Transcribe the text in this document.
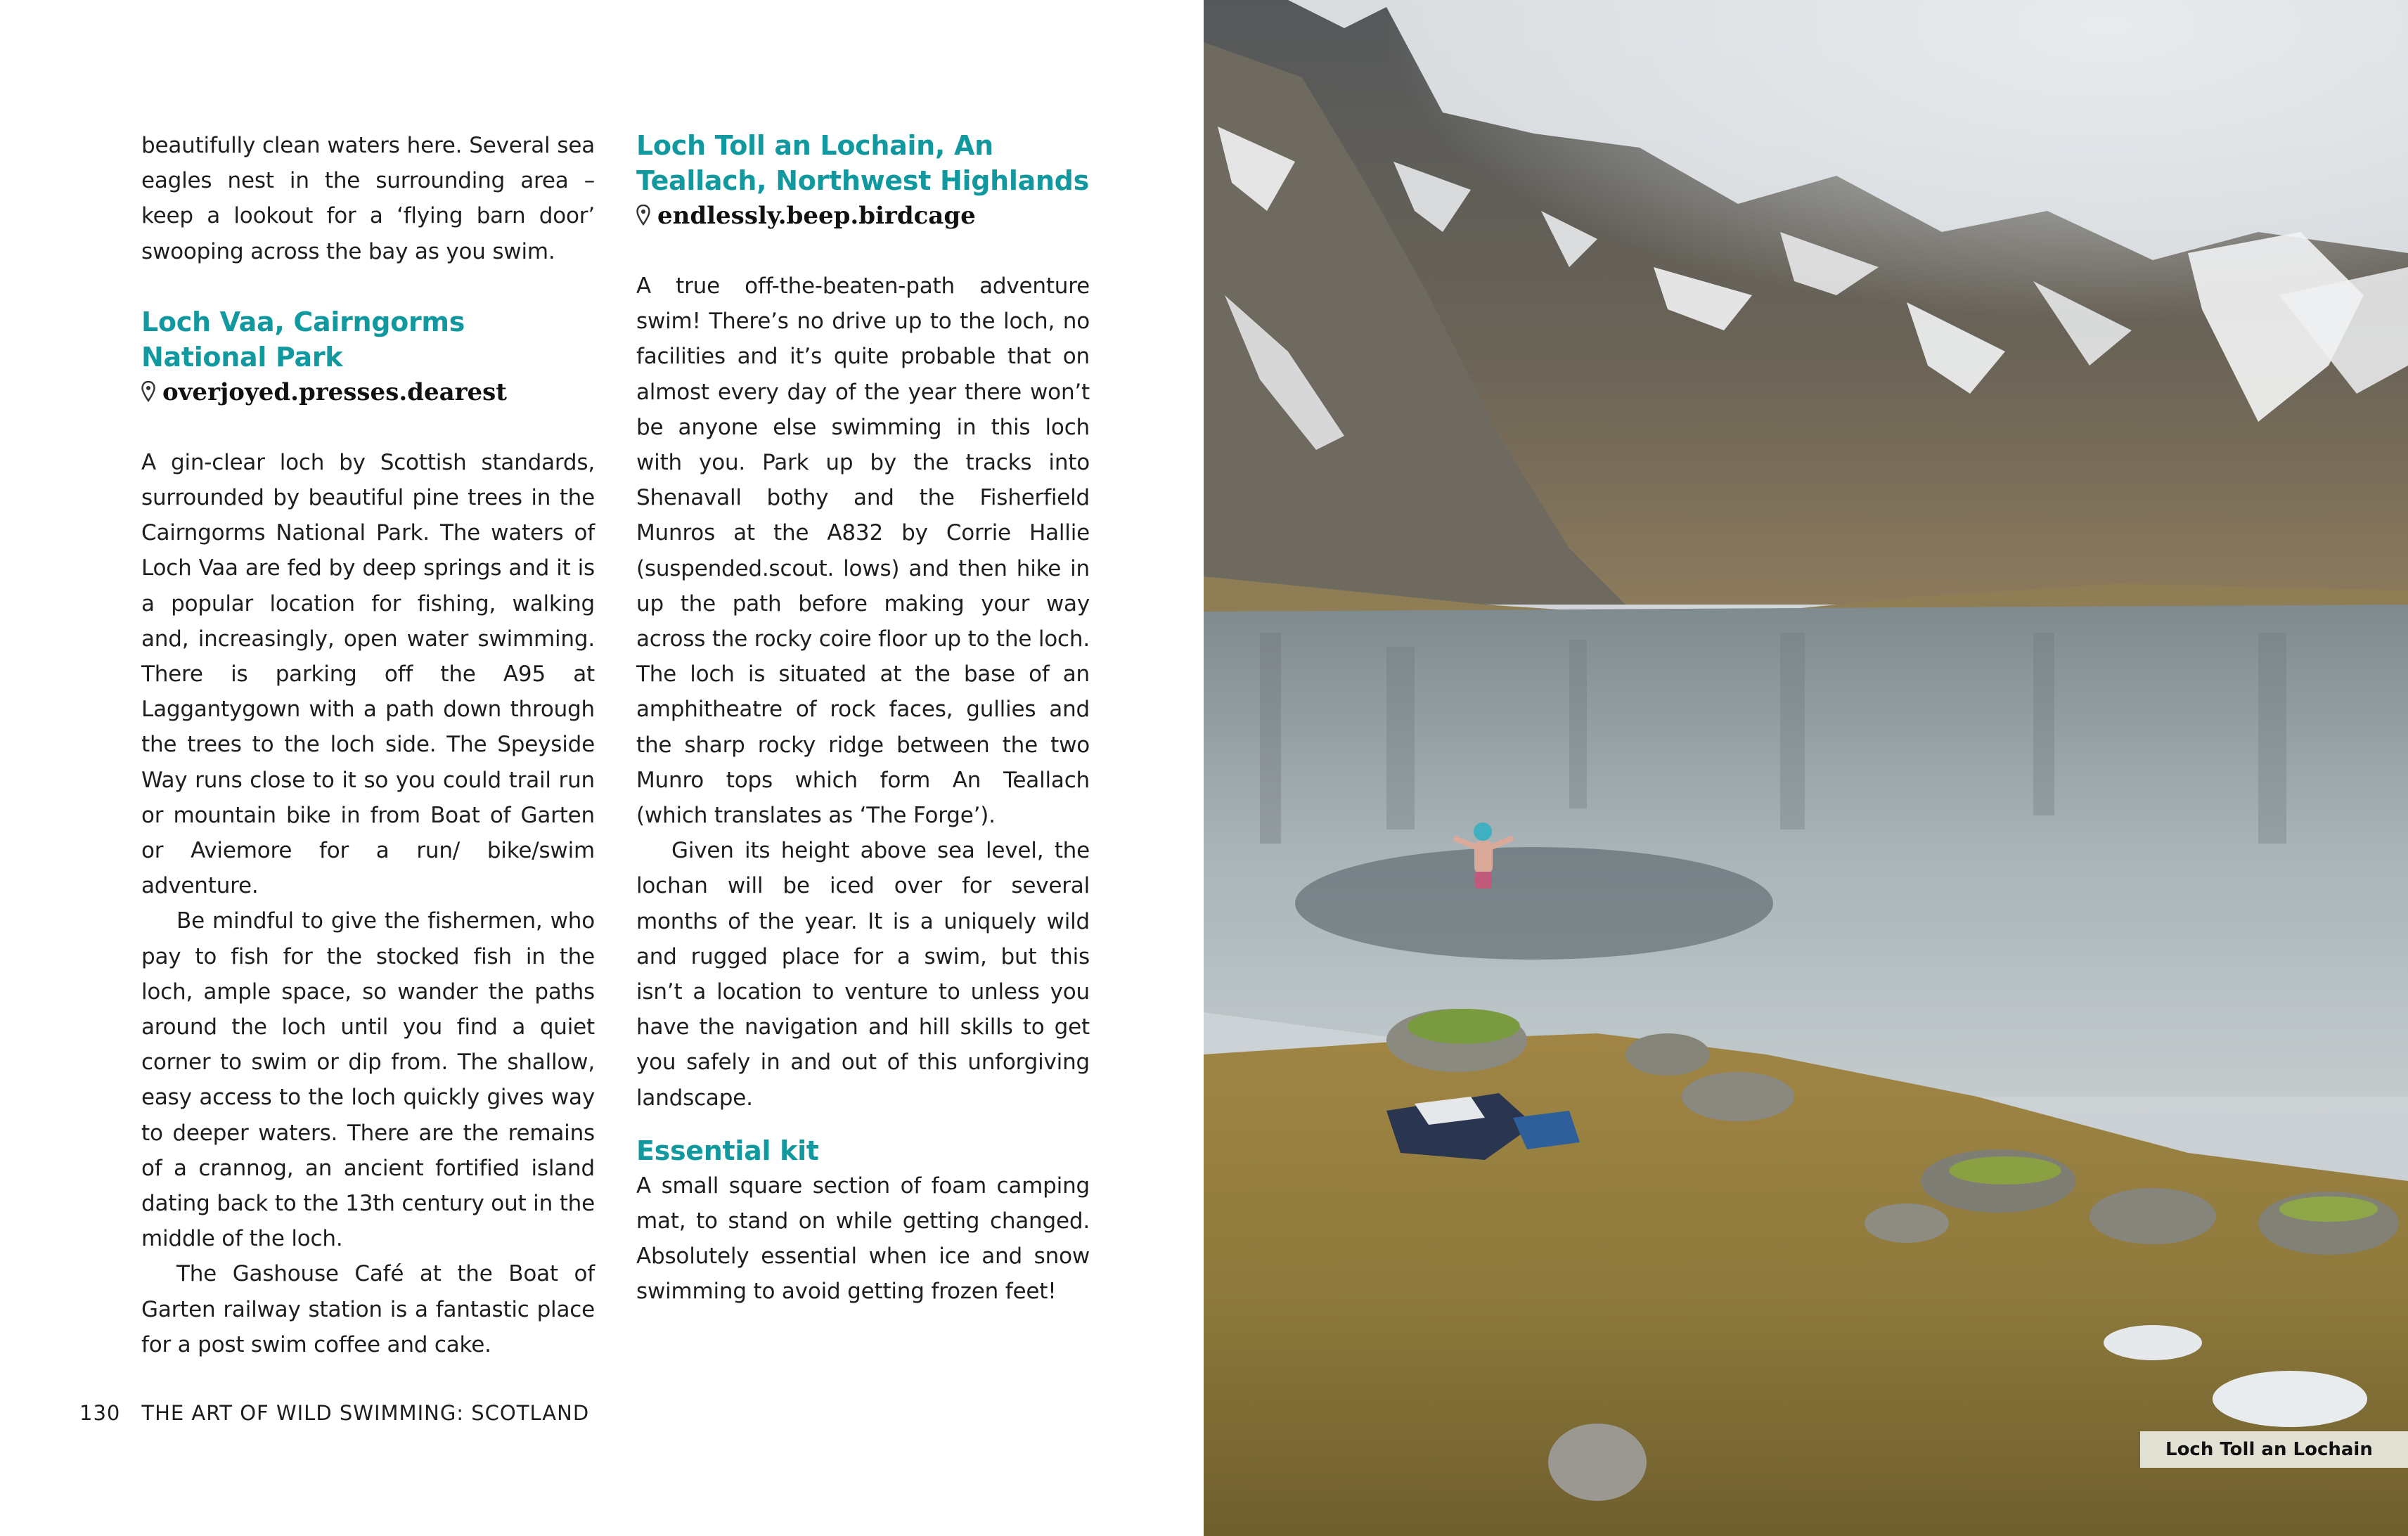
beautifully clean waters here. Several sea eagles nest in the surrounding area – keep a lookout for a ‘flying barn door’ swooping across the bay as you swim.

Loch Vaa, Cairngorms National Park

overjoyed.presses.dearest

A gin-clear loch by Scottish standards, surrounded by beautiful pine trees in the Cairngorms National Park. The waters of Loch Vaa are fed by deep springs and it is a popular location for fishing, walking and, increasingly, open water swimming. There is parking off the A95 at Laggantygown with a path down through the trees to the loch side. The Speyside Way runs close to it so you could trail run or mountain bike in from Boat of Garten or Aviemore for a run/ bike/swim adventure.

Be mindful to give the fishermen, who pay to fish for the stocked fish in the loch, ample space, so wander the paths around the loch until you find a quiet corner to swim or dip from. The shallow, easy access to the loch quickly gives way to deeper waters. There are the remains of a crannog, an ancient fortified island dating back to the 13th century out in the middle of the loch.

The Gashouse Café at the Boat of Garten railway station is a fantastic place for a post swim coffee and cake.

Loch Toll an Lochain, An Teallach, Northwest Highlands

endlessly.beep.birdcage

A true off-the-beaten-path adventure swim! There’s no drive up to the loch, no facilities and it’s quite probable that on almost every day of the year there won’t be anyone else swimming in this loch with you. Park up by the tracks into Shenavall bothy and the Fisherfield Munros at the A832 by Corrie Hallie (suspended.scout. lows) and then hike in up the path before making your way across the rocky coire floor up to the loch. The loch is situated at the base of an amphitheatre of rock faces, gullies and the sharp rocky ridge between the two Munro tops which form An Teallach (which translates as ‘The Forge’).

Given its height above sea level, the lochan will be iced over for several months of the year. It is a uniquely wild and rugged place for a swim, but this isn’t a location to venture to unless you have the navigation and hill skills to get you safely in and out of this unforgiving landscape.

Essential kit

A small square section of foam camping mat, to stand on while getting changed. Absolutely essential when ice and snow swimming to avoid getting frozen feet!

130 THE ART OF WILD SWIMMING: SCOTLAND
Loch Toll an Lochain
